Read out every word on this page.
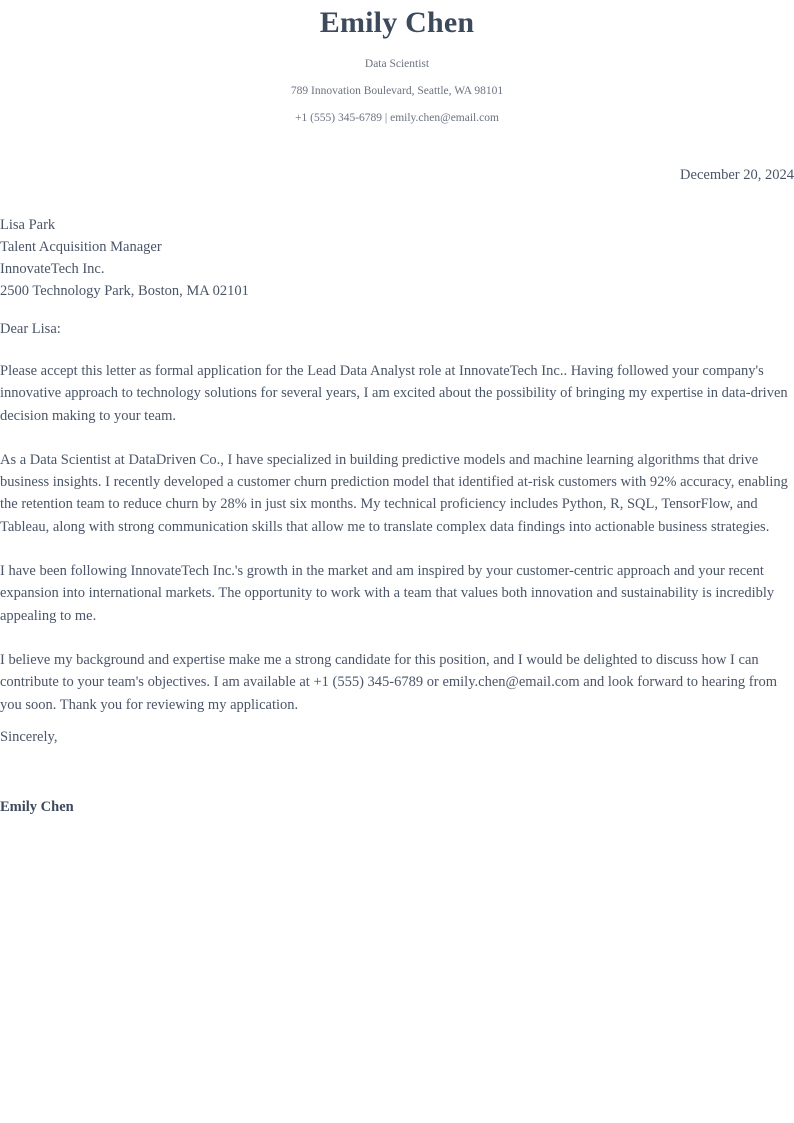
Emily Chen
Data Scientist
789 Innovation Boulevard, Seattle, WA 98101
+1 (555) 345-6789 | emily.chen@email.com
December 20, 2024
Lisa Park
Talent Acquisition Manager
InnovateTech Inc.
2500 Technology Park, Boston, MA 02101
Dear Lisa:

Please accept this letter as formal application for the Lead Data Analyst role at InnovateTech Inc.. Having followed your company's innovative approach to technology solutions for several years, I am excited about the possibility of bringing my expertise in data-driven decision making to your team.

As a Data Scientist at DataDriven Co., I have specialized in building predictive models and machine learning algorithms that drive business insights. I recently developed a customer churn prediction model that identified at-risk customers with 92% accuracy, enabling the retention team to reduce churn by 28% in just six months. My technical proficiency includes Python, R, SQL, TensorFlow, and Tableau, along with strong communication skills that allow me to translate complex data findings into actionable business strategies.

I have been following InnovateTech Inc.'s growth in the market and am inspired by your customer-centric approach and your recent expansion into international markets. The opportunity to work with a team that values both innovation and sustainability is incredibly appealing to me.

I believe my background and expertise make me a strong candidate for this position, and I would be delighted to discuss how I can contribute to your team's objectives. I am available at +1 (555) 345-6789 or emily.chen@email.com and look forward to hearing from you soon. Thank you for reviewing my application.

Sincerely,
Emily Chen
